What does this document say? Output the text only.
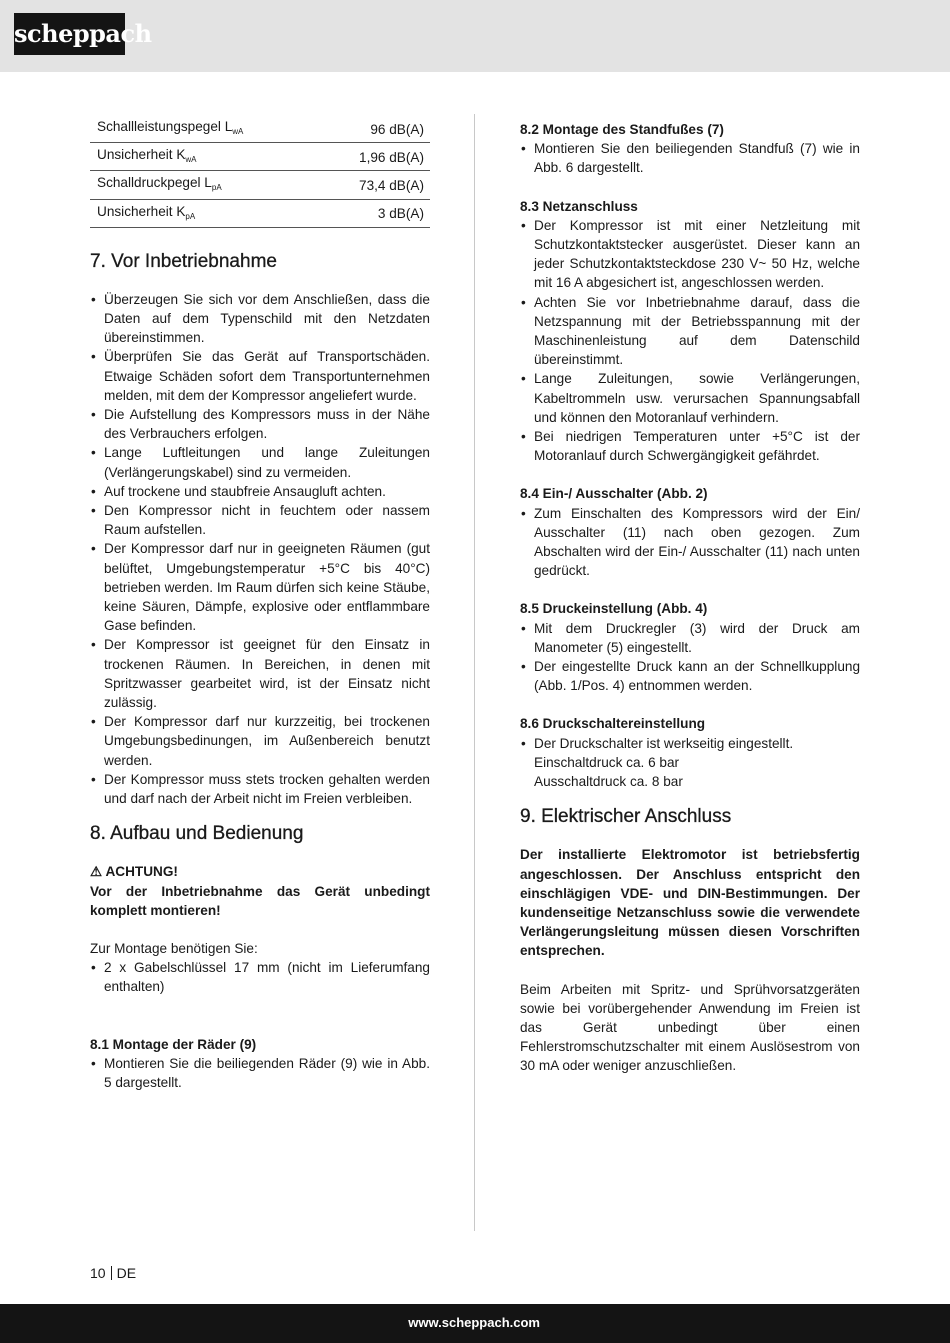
scheppach
Schallleistungspegel $L_{wA}$	96 dB(A)
Unsicherheit $K_{wA}$	1,96 dB(A)
Schalldruckpegel $L_{pA}$	73,4 dB(A)
Unsicherheit $K_{pA}$	3 dB(A)
7. Vor Inbetriebnahme
• Überzeugen Sie sich vor dem Anschließen, dass die Daten auf dem Typenschild mit den Netzdaten übereinstimmen.
• Überprüfen Sie das Gerät auf Transportschäden. Etwaige Schäden sofort dem Transportunternehmen melden, mit dem der Kompressor angeliefert wurde.
• Die Aufstellung des Kompressors muss in der Nähe des Verbrauchers erfolgen.
• Lange Luftleitungen und lange Zuleitungen (Verlängerungskabel) sind zu vermeiden.
• Auf trockene und staubfreie Ansaugluft achten.
• Den Kompressor nicht in feuchtem oder nassem Raum aufstellen.
• Der Kompressor darf nur in geeigneten Räumen (gut belüftet, Umgebungstemperatur +5°C bis 40°C) betrieben werden. Im Raum dürfen sich keine Stäube, keine Säuren, Dämpfe, explosive oder entflammbare Gase befinden.
• Der Kompressor ist geeignet für den Einsatz in trockenen Räumen. In Bereichen, in denen mit Spritzwasser gearbeitet wird, ist der Einsatz nicht zulässig.
• Der Kompressor darf nur kurzzeitig, bei trockenen Umgebungsbedinungen, im Außenbereich benutzt werden.
• Der Kompressor muss stets trocken gehalten werden und darf nach der Arbeit nicht im Freien verbleiben.
8. Aufbau und Bedienung

⚠ ACHTUNG!

Vor der Inbetriebnahme das Gerät unbedingt komplett montieren!

Zur Montage benötigen Sie:

• 2 x Gabelschlüssel 17 mm (nicht im Lieferumfang enthalten)
8.1 Montage der Räder (9)
• Montieren Sie die beiliegenden Räder (9) wie in Abb. 5 dargestellt.
8.2 Montage des Standfußes (7)
• Montieren Sie den beiliegenden Standfuß (7) wie in Abb. 6 dargestellt.
8.3 Netzanschluss
• Der Kompressor ist mit einer Netzleitung mit Schutzkontaktstecker ausgerüstet. Dieser kann an jeder Schutzkontaktsteckdose 230 V~ 50 Hz, welche mit 16 A abgesichert ist, angeschlossen werden.
• Achten Sie vor Inbetriebnahme darauf, dass die Netzspannung mit der Betriebsspannung mit der Maschinenleistung auf dem Datenschild übereinstimmt.
• Lange Zuleitungen, sowie Verlängerungen, Kabeltrommeln usw. verursachen Spannungsabfall und können den Motoranlauf verhindern.
• Bei niedrigen Temperaturen unter +5°C ist der Motoranlauf durch Schwergängigkeit gefährdet.
8.4 Ein-/ Ausschalter (Abb. 2)
• Zum Einschalten des Kompressors wird der Ein/ Ausschalter (11) nach oben gezogen. Zum Abschalten wird der Ein-/ Ausschalter (11) nach unten gedrückt.
8.5 Druckeinstellung (Abb. 4)
• Mit dem Druckregler (3) wird der Druck am Manometer (5) eingestellt.
• Der eingestellte Druck kann an der Schnellkupplung (Abb. 1/Pos. 4) entnommen werden.
8.6 Druckschaltereinstellung
• Der Druckschalter ist werkseitig eingestellt.

Einschaltdruck ca. 6 bar

Ausschaltdruck ca. 8 bar

9. Elektrischer Anschluss

Der installierte Elektromotor ist betriebsfertig angeschlossen. Der Anschluss entspricht den einschlägigen VDE- und DIN-Bestimmungen. Der kundenseitige Netzanschluss sowie die verwendete Verlängerungsleitung müssen diesen Vorschriften entsprechen.

Beim Arbeiten mit Spritz- und Sprühvorsatzgeräten sowie bei vorübergehender Anwendung im Freien ist das Gerät unbedingt über einen Fehlerstromschutzschalter mit einem Auslösestrom von 30 mA oder weniger anzuschließen.

10 DE
www.scheppach.com
